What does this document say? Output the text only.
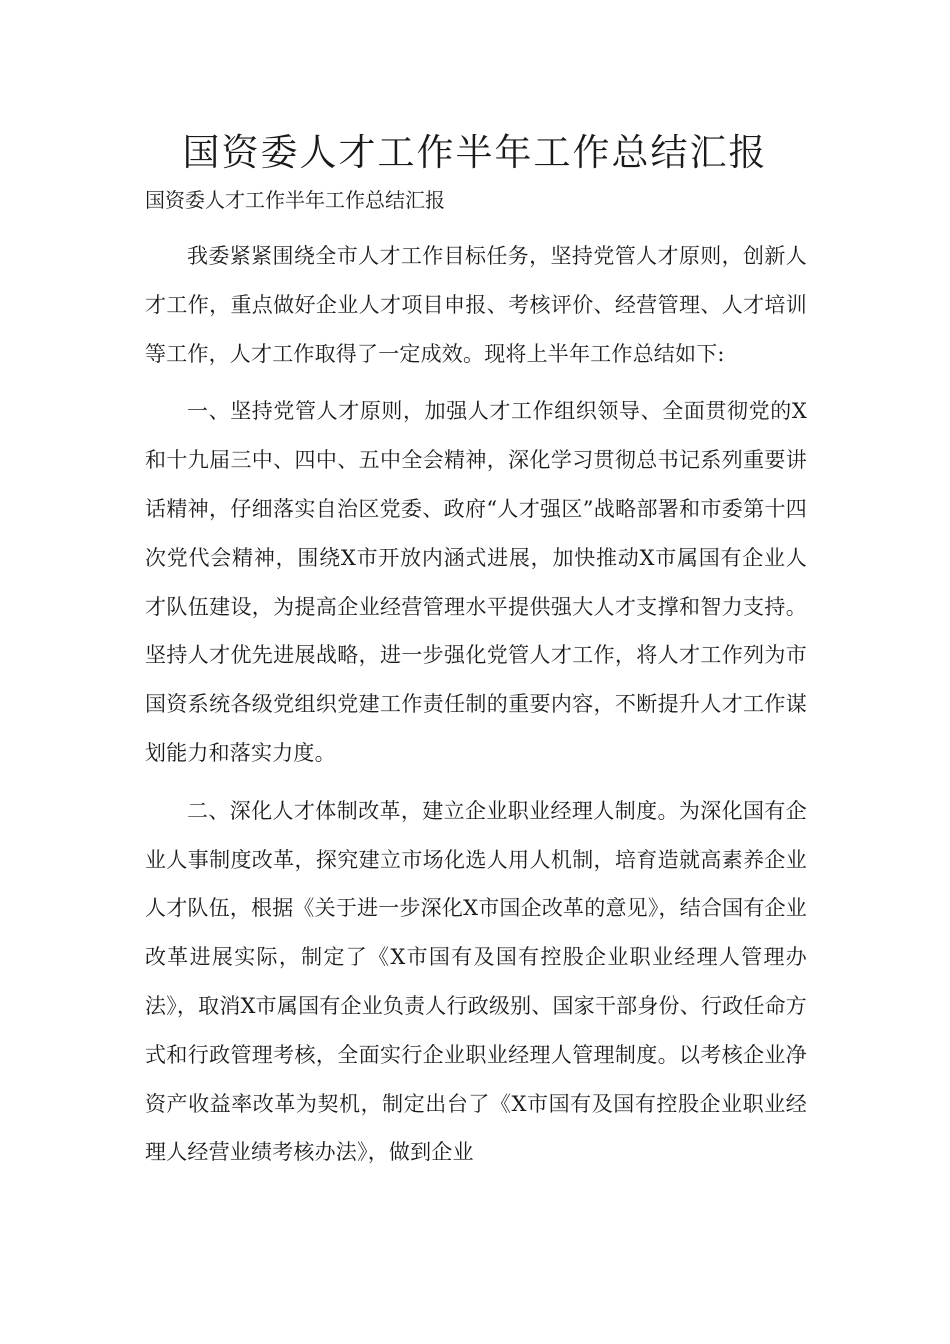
国资委人才工作半年工作总结汇报

国资委人才工作半年工作总结汇报

我委紧紧围绕全市人才工作目标任务，坚持党管人才原则，创新人才工作，重点做好企业人才项目申报、考核评价、经营管理、人才培训等工作，人才工作取得了一定成效。现将上半年工作总结如下:

一、坚持党管人才原则，加强人才工作组织领导、全面贯彻党的X和十九届三中、四中、五中全会精神，深化学习贯彻总书记系列重要讲话精神，仔细落实自治区党委、政府“人才强区”战略部署和市委第十四次党代会精神，围绕X市开放内涵式进展，加快推动X市属国有企业人才队伍建设，为提高企业经营管理水平提供强大人才支撑和智力支持。坚持人才优先进展战略，进一步强化党管人才工作，将人才工作列为市国资系统各级党组织党建工作责任制的重要内容，不断提升人才工作谋划能力和落实力度。

二、深化人才体制改革，建立企业职业经理人制度。为深化国有企业人事制度改革，探究建立市场化选人用人机制，培育造就高素养企业人才队伍，根据《关于进一步深化X市国企改革的意见》，结合国有企业改革进展实际，制定了《X市国有及国有控股企业职业经理人管理办法》，取消X市属国有企业负责人行政级别、国家干部身份、行政任命方式和行政管理考核，全面实行企业职业经理人管理制度。以考核企业净资产收益率改革为契机，制定出台了《X市国有及国有控股企业职业经理人经营业绩考核办法》，做到企业
